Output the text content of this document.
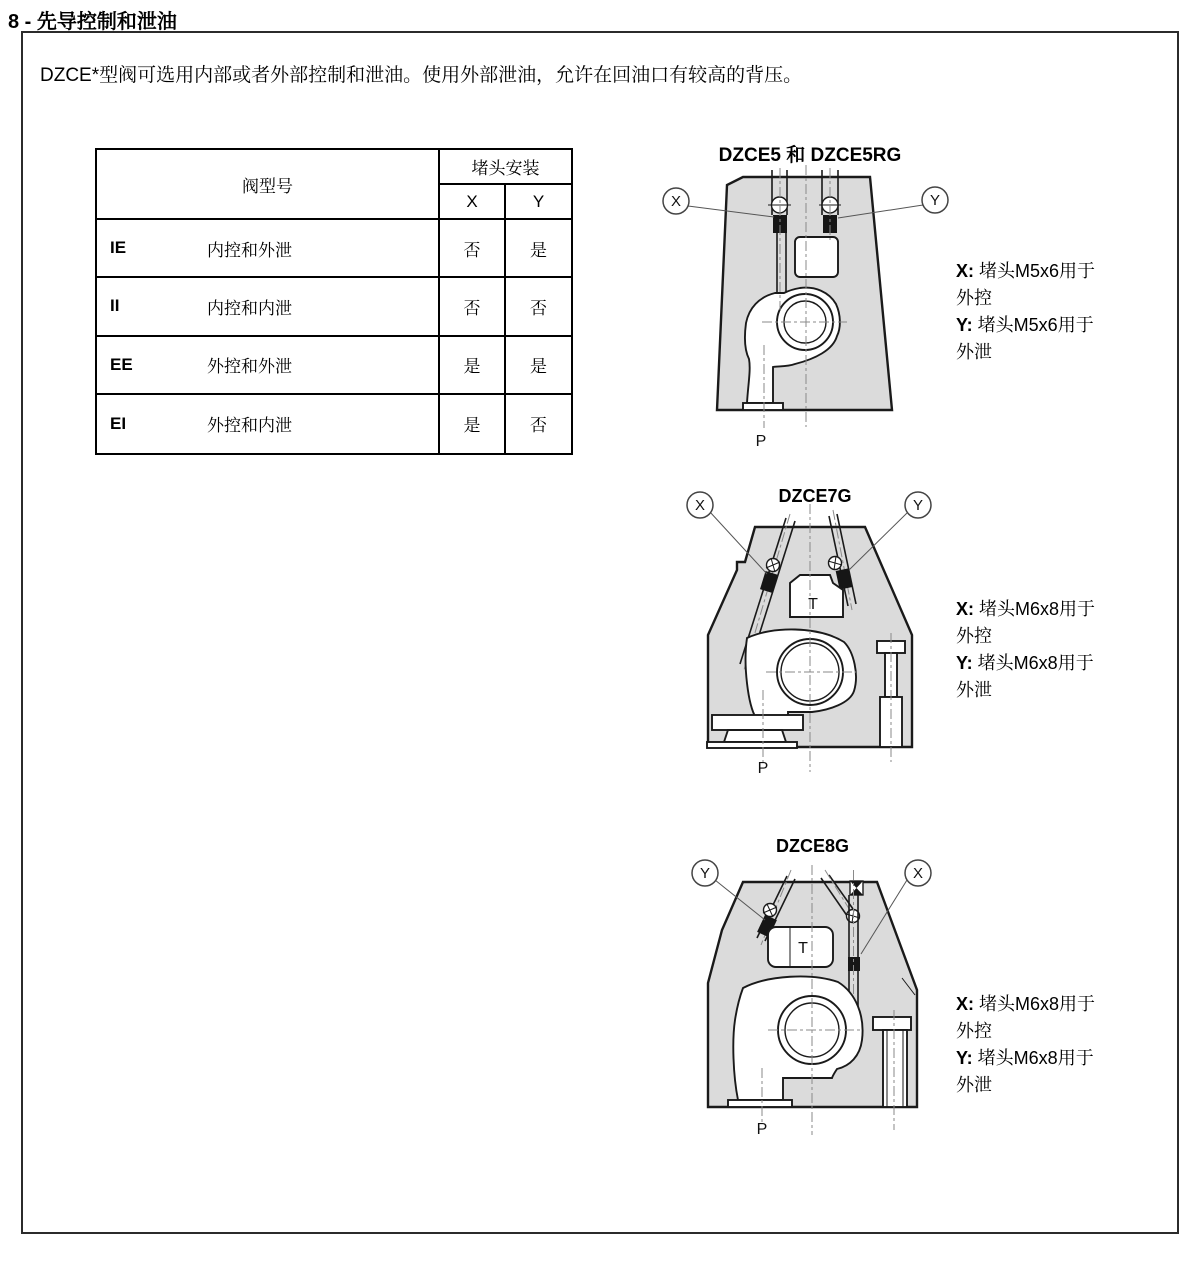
8 - 先导控制和泄油
DZCE*型阀可选用内部或者外部控制和泄油。使用外部泄油，允许在回油口有较高的背压。
阀型号
堵头安装
X	Y
IE	内控和外泄	否	是
II	内控和内泄	否	否
EE	外控和外泄	是	是
EI	外控和内泄	是	否
DZCE5 和 DZCE5RG
X	Y
P
X: 堵头M5x6用于
外控
Y: 堵头M5x6用于
外泄
DZCE7G
T
X	Y
P
X: 堵头M6x8用于
外控
Y: 堵头M6x8用于
外泄
DZCE8G
T
Y	X
P
X: 堵头M6x8用于
外控
Y: 堵头M6x8用于
外泄
